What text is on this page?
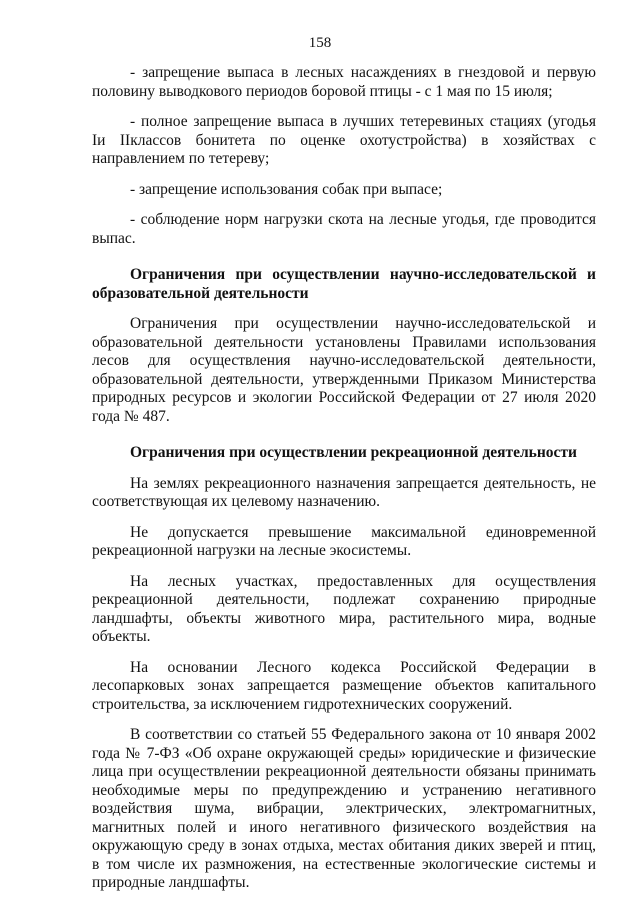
158

- запрещение выпаса в лесных насаждениях в гнездовой и первую половину выводкового периодов боровой птицы - с 1 мая по 15 июля;

- полное запрещение выпаса в лучших тетеревиных стациях (угодья Iи IIклассов бонитета по оценке охотустройства) в хозяйствах с направлением по тетереву;

- запрещение использования собак при выпасе;

- соблюдение норм нагрузки скота на лесные угодья, где проводится выпас.

Ограничения при осуществлении научно-исследовательской и образовательной деятельности

Ограничения при осуществлении научно-исследовательской и образовательной деятельности установлены Правилами использования лесов для осуществления научно-исследовательской деятельности, образовательной деятельности, утвержденными Приказом Министерства природных ресурсов и экологии Российской Федерации от 27 июля 2020 года № 487.

Ограничения при осуществлении рекреационной деятельности

На землях рекреационного назначения запрещается деятельность, не соответствующая их целевому назначению.

Не допускается превышение максимальной единовременной рекреационной нагрузки на лесные экосистемы.

На лесных участках, предоставленных для осуществления рекреационной деятельности, подлежат сохранению природные ландшафты, объекты животного мира, растительного мира, водные объекты.

На основании Лесного кодекса Российской Федерации в лесопарковых зонах запрещается размещение объектов капитального строительства, за исключением гидротехнических сооружений.

В соответствии со статьей 55 Федерального закона от 10 января 2002 года № 7-ФЗ «Об охране окружающей среды» юридические и физические лица при осуществлении рекреационной деятельности обязаны принимать необходимые меры по предупреждению и устранению негативного воздействия шума, вибрации, электрических, электромагнитных, магнитных полей и иного негативного физического воздействия на окружающую среду в зонах отдыха, местах обитания диких зверей и птиц, в том числе их размножения, на естественные экологические системы и природные ландшафты.
